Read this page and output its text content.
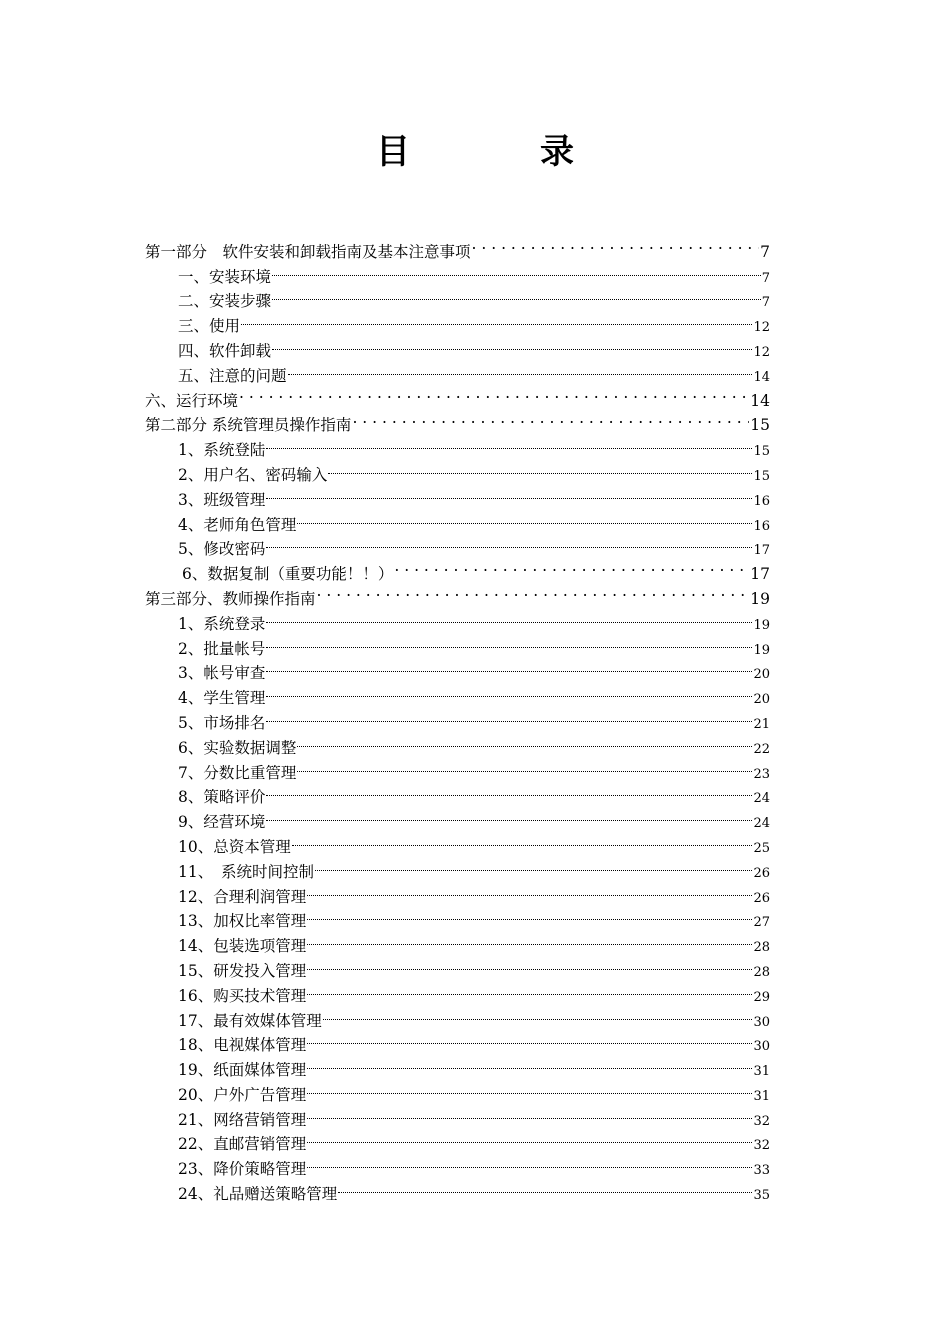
目　录
第一部分　软件安装和卸载指南及基本注意事项 . . .	7
一、安装环境	7
二、安装步骤	7
三、使用	12
四、软件卸载	12
五、注意的问题	14
六、运行环境 . . .	14
第二部分 系统管理员操作指南 . . .	15
1、系统登陆	15
2、用户名、密码输入	15
3、班级管理	16
4、老师角色管理	16
5、修改密码	17
6、数据复制（重要功能！！） . . .	17
第三部分、教师操作指南 . . .	19
1、系统登录	19
2、批量帐号	19
3、帐号审查	20
4、学生管理	20
5、市场排名	21
6、实验数据调整	22
7、分数比重管理	23
8、策略评价	24
9、经营环境	24
10、总资本管理	25
11、　系统时间控制	26
12、合理利润管理	26
13、加权比率管理	27
14、包装选项管理	28
15、研发投入管理	28
16、购买技术管理	29
17、最有效媒体管理	30
18、电视媒体管理	30
19、纸面媒体管理	31
20、户外广告管理	31
21、网络营销管理	32
22、直邮营销管理	32
23、降价策略管理	33
24、礼品赠送策略管理	35
